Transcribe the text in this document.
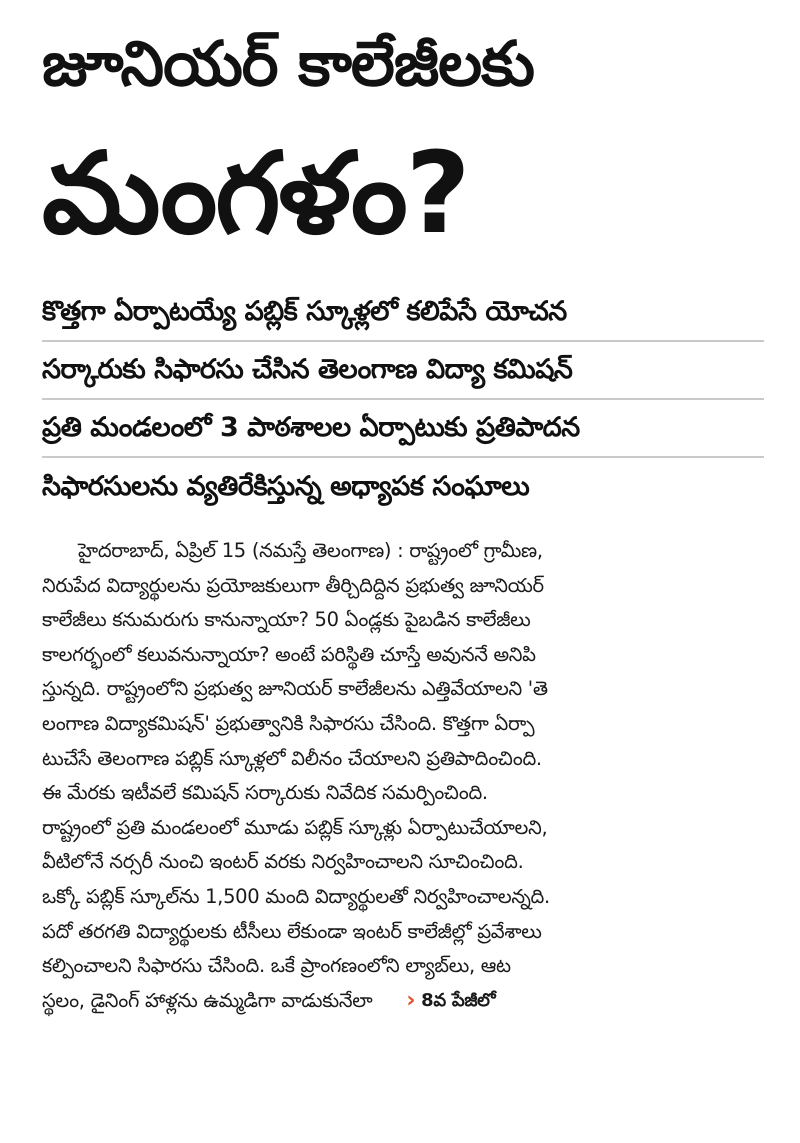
జూనియర్ కాలేజీలకు
మంగళం?
కొత్తగా ఏర్పాటయ్యే పబ్లిక్ స్కూళ్లలో కలిపేసే యోచన
సర్కారుకు సిఫారసు చేసిన తెలంగాణ విద్యా కమిషన్
ప్రతి మండలంలో 3 పాఠశాలల ఏర్పాటుకు ప్రతిపాదన
సిఫారసులను వ్యతిరేకిస్తున్న అధ్యాపక సంఘాలు
హైదరాబాద్, ఏప్రిల్ 15 (నమస్తే తెలంగాణ) : రాష్ట్రంలో గ్రామీణ,
నిరుపేద విద్యార్థులను ప్రయోజకులుగా తీర్చిదిద్దిన ప్రభుత్వ జూనియర్
కాలేజీలు కనుమరుగు కానున్నాయా? 50 ఏండ్లకు పైబడిన కాలేజీలు
కాలగర్భంలో కలువనున్నాయా? అంటే పరిస్థితి చూస్తే అవుననే అనిపి
స్తున్నది. రాష్ట్రంలోని ప్రభుత్వ జూనియర్ కాలేజీలను ఎత్తివేయాలని 'తె
లంగాణ విద్యాకమిషన్' ప్రభుత్వానికి సిఫారసు చేసింది. కొత్తగా ఏర్పా
టుచేసే తెలంగాణ పబ్లిక్ స్కూళ్లలో విలీనం చేయాలని ప్రతిపాదించింది.
ఈ మేరకు ఇటీవలే కమిషన్ సర్కారుకు నివేదిక సమర్పించింది.
రాష్ట్రంలో ప్రతి మండలంలో మూడు పబ్లిక్ స్కూళ్లు ఏర్పాటుచేయాలని,
వీటిలోనే నర్సరీ నుంచి ఇంటర్ వరకు నిర్వహించాలని సూచించింది.
ఒక్కో పబ్లిక్ స్కూల్‌ను 1,500 మంది విద్యార్థులతో నిర్వహించాలన్నది.
పదో తరగతి విద్యార్థులకు టీసీలు లేకుండా ఇంటర్ కాలేజీల్లో ప్రవేశాలు
కల్పించాలని సిఫారసు చేసింది. ఒకే ప్రాంగణంలోని ల్యాబ్‌లు, ఆట
స్థలం, డైనింగ్ హాళ్లను ఉమ్మడిగా వాడుకునేలా › 8వ పేజీలో
